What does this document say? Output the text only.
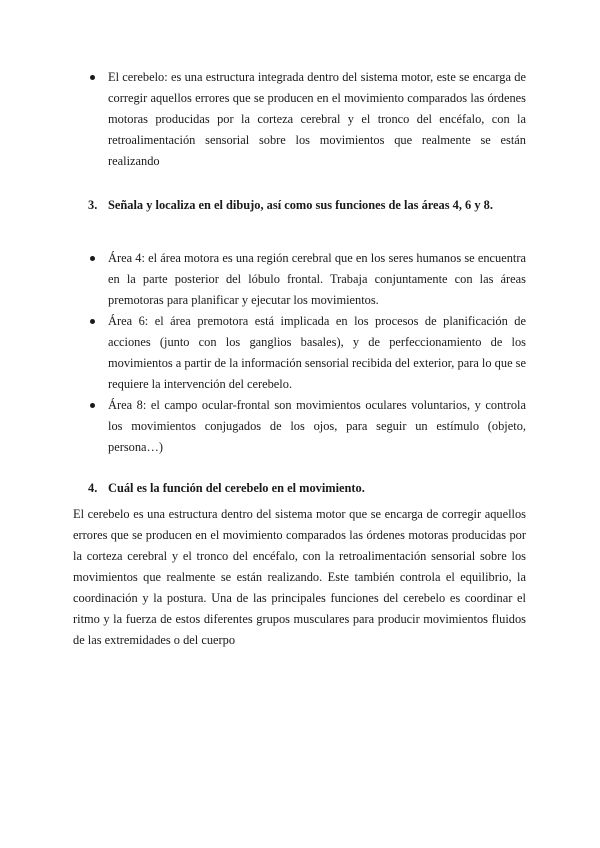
El cerebelo: es una estructura integrada dentro del sistema motor, este se encarga de corregir aquellos errores que se producen en el movimiento comparados las órdenes motoras producidas por la corteza cerebral y el tronco del encéfalo, con la retroalimentación sensorial sobre los movimientos que realmente se están realizando
3. Señala y localiza en el dibujo, así como sus funciones de las áreas 4, 6 y 8.
Área 4: el área motora es una región cerebral que en los seres humanos se encuentra en la parte posterior del lóbulo frontal. Trabaja conjuntamente con las áreas premotoras para planificar y ejecutar los movimientos.
Área 6: el área premotora está implicada en los procesos de planificación de acciones (junto con los ganglios basales), y de perfeccionamiento de los movimientos a partir de la información sensorial recibida del exterior, para lo que se requiere la intervención del cerebelo.
Área 8: el campo ocular-frontal son movimientos oculares voluntarios, y controla los movimientos conjugados de los ojos, para seguir un estímulo (objeto, persona…)
4. Cuál es la función del cerebelo en el movimiento.

El cerebelo es una estructura dentro del sistema motor que se encarga de corregir aquellos errores que se producen en el movimiento comparados las órdenes motoras producidas por la corteza cerebral y el tronco del encéfalo, con la retroalimentación sensorial sobre los movimientos que realmente se están realizando. Este también controla el equilibrio, la coordinación y la postura. Una de las principales funciones del cerebelo es coordinar el ritmo y la fuerza de estos diferentes grupos musculares para producir movimientos fluidos de las extremidades o del cuerpo
